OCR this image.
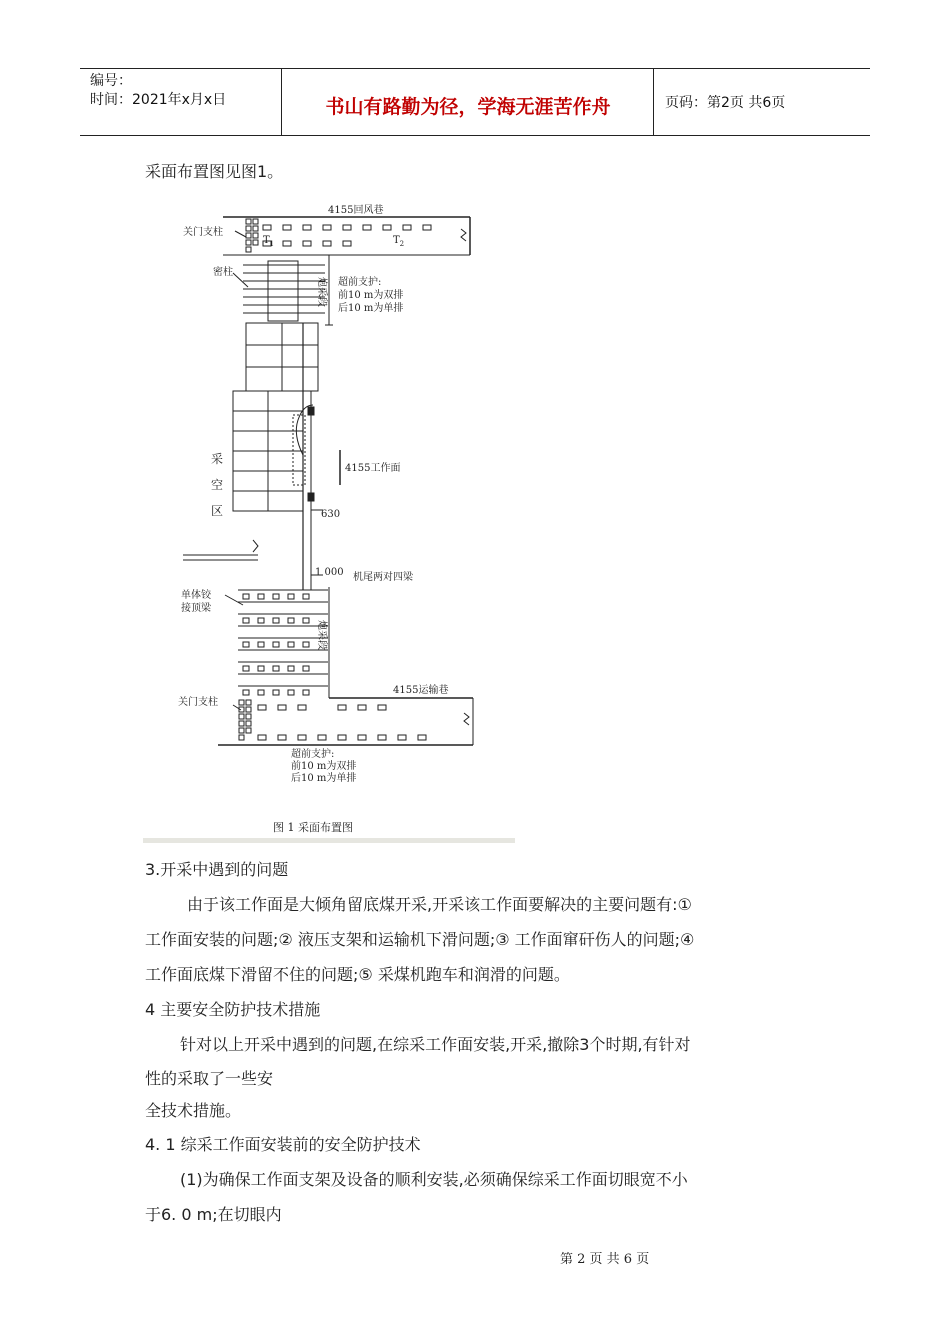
编号：
时间：2021年x月x日	书山有路勤为径，学海无涯苦作舟	页码：第2页 共6页
采面布置图见图1。
4155回风巷
$T_1$	$T_2$
关门支柱
密柱
超前支护:
前10 m为双排
后10 m为单排
炮采段
采
空
区
4155工作面
630
1 000 机尾两对四梁
单体铰
接顶梁
炮采段
关门支柱
4155运输巷
超前支护:
前10 m为双排
后10 m为单排
图 1 采面布置图
3.开采中遇到的问题
由于该工作面是大倾角留底煤开采,开采该工作面要解决的主要问题有:①
工作面安装的问题;② 液压支架和运输机下滑问题;③ 工作面窜矸伤人的问题;④
工作面底煤下滑留不住的问题;⑤ 采煤机跑车和润滑的问题。
4 主要安全防护技术措施
针对以上开采中遇到的问题,在综采工作面安装,开采,撤除3个时期,有针对
性的采取了一些安
全技术措施。
4. 1 综采工作面安装前的安全防护技术
(1)为确保工作面支架及设备的顺利安装,必须确保综采工作面切眼宽不小
于6. 0 m;在切眼内
第 2 页 共 6 页
